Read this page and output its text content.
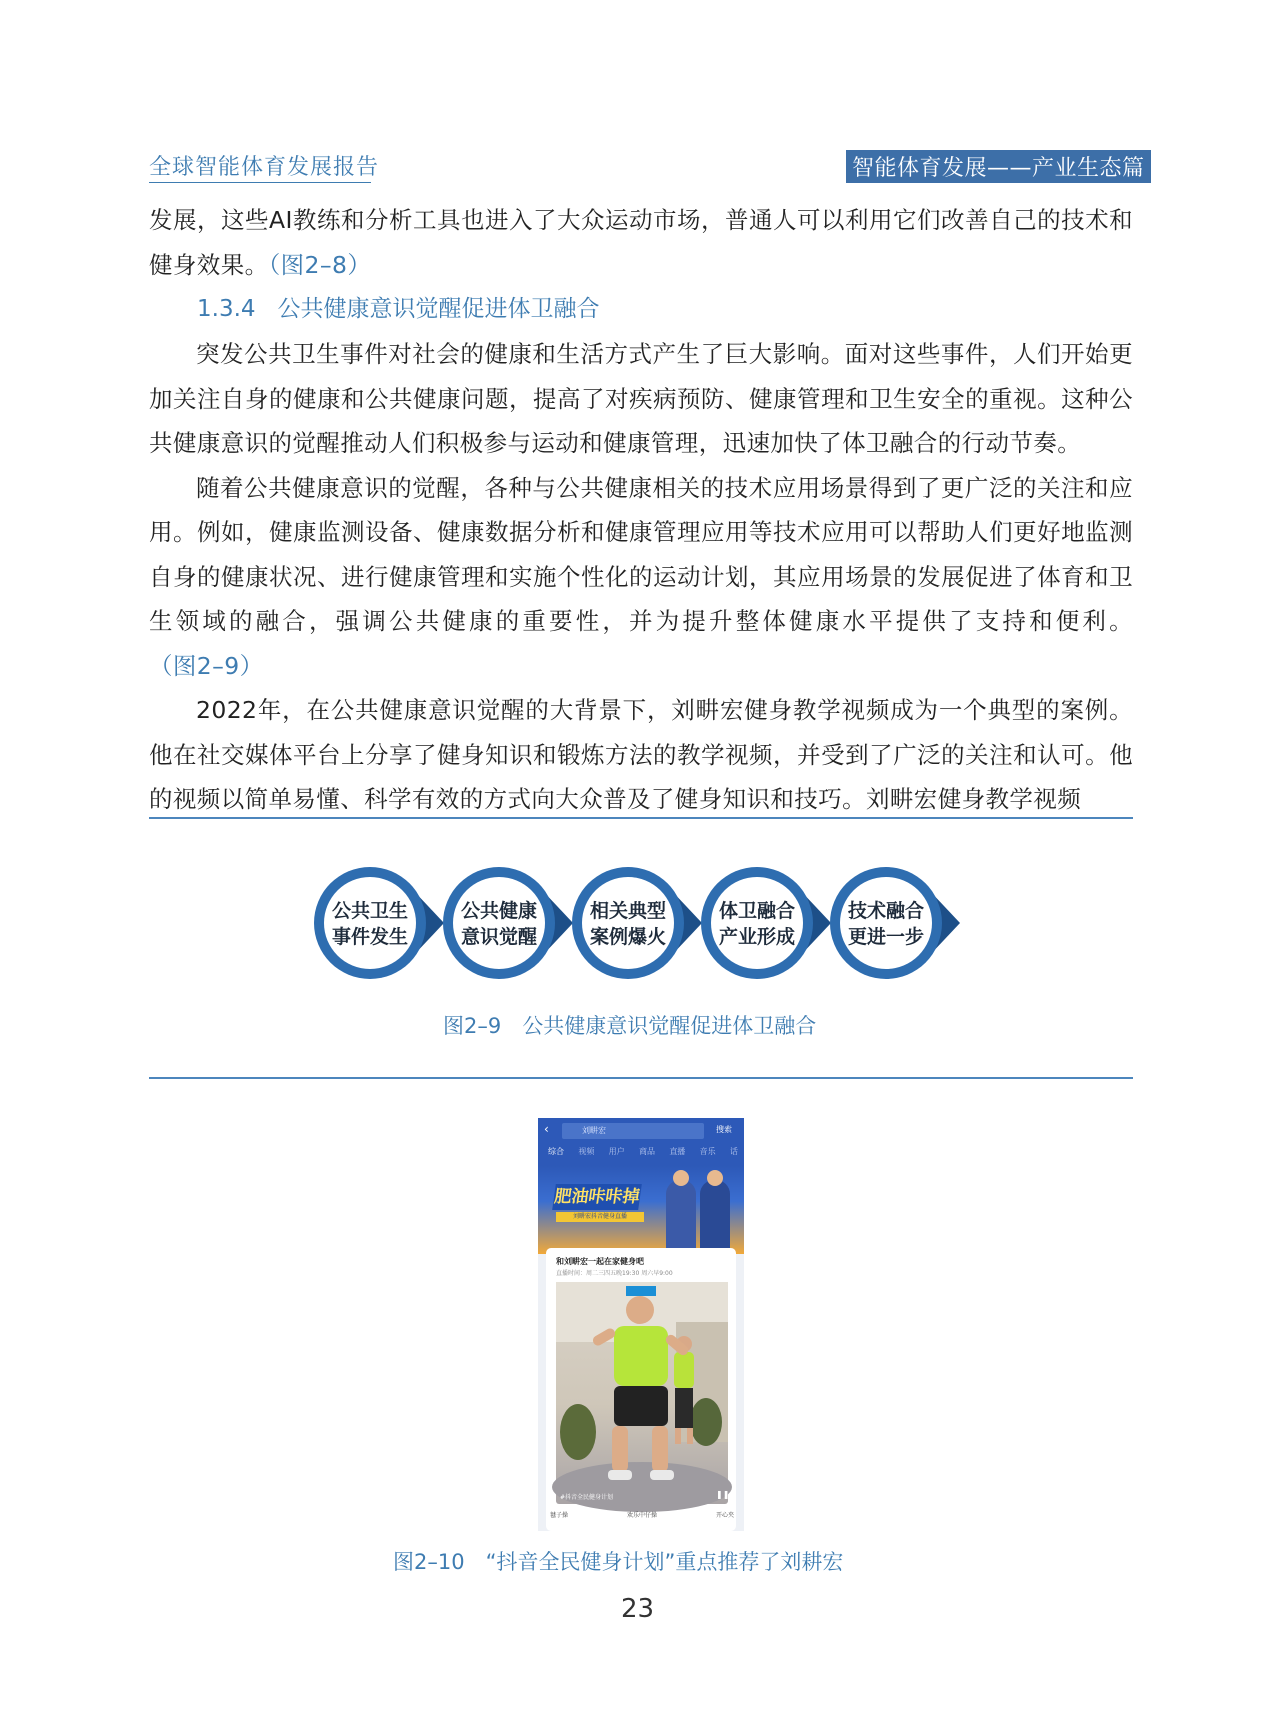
全球智能体育发展报告	智能体育发展——产业生态篇

发展，这些AI教练和分析工具也进入了大众运动市场，普通人可以利用它们改善自己的技术和健身效果。（图2–8）

1.3.4 公共健康意识觉醒促进体卫融合

突发公共卫生事件对社会的健康和生活方式产生了巨大影响。面对这些事件，人们开始更加关注自身的健康和公共健康问题，提高了对疾病预防、健康管理和卫生安全的重视。这种公共健康意识的觉醒推动人们积极参与运动和健康管理，迅速加快了体卫融合的行动节奏。

随着公共健康意识的觉醒，各种与公共健康相关的技术应用场景得到了更广泛的关注和应用。例如，健康监测设备、健康数据分析和健康管理应用等技术应用可以帮助人们更好地监测自身的健康状况、进行健康管理和实施个性化的运动计划，其应用场景的发展促进了体育和卫生领域的融合，强调公共健康的重要性，并为提升整体健康水平提供了支持和便利。（图2–9）

2022年，在公共健康意识觉醒的大背景下，刘畊宏健身教学视频成为一个典型的案例。他在社交媒体平台上分享了健身知识和锻炼方法的教学视频，并受到了广泛的关注和认可。他的视频以简单易懂、科学有效的方式向大众普及了健身知识和技巧。刘畊宏健身教学视频

公共卫生
事件发生
公共健康
意识觉醒
相关典型
案例爆火
体卫融合
产业形成
技术融合
更进一步
图2–9　公共健康意识觉醒促进体卫融合
‹	刘畊宏	搜索
综合 视频 用户 商品 直播 音乐 话
肥油咔咔掉
刘畊宏抖音健身直播
和刘畊宏一起在家健身吧
直播时间：周二三四五晚19:30 周六早9:00
#抖音全民健身计划	❚❚
毽子操	欢乐中仔操	开心夹
图2–10　“抖音全民健身计划”重点推荐了刘耕宏
23
